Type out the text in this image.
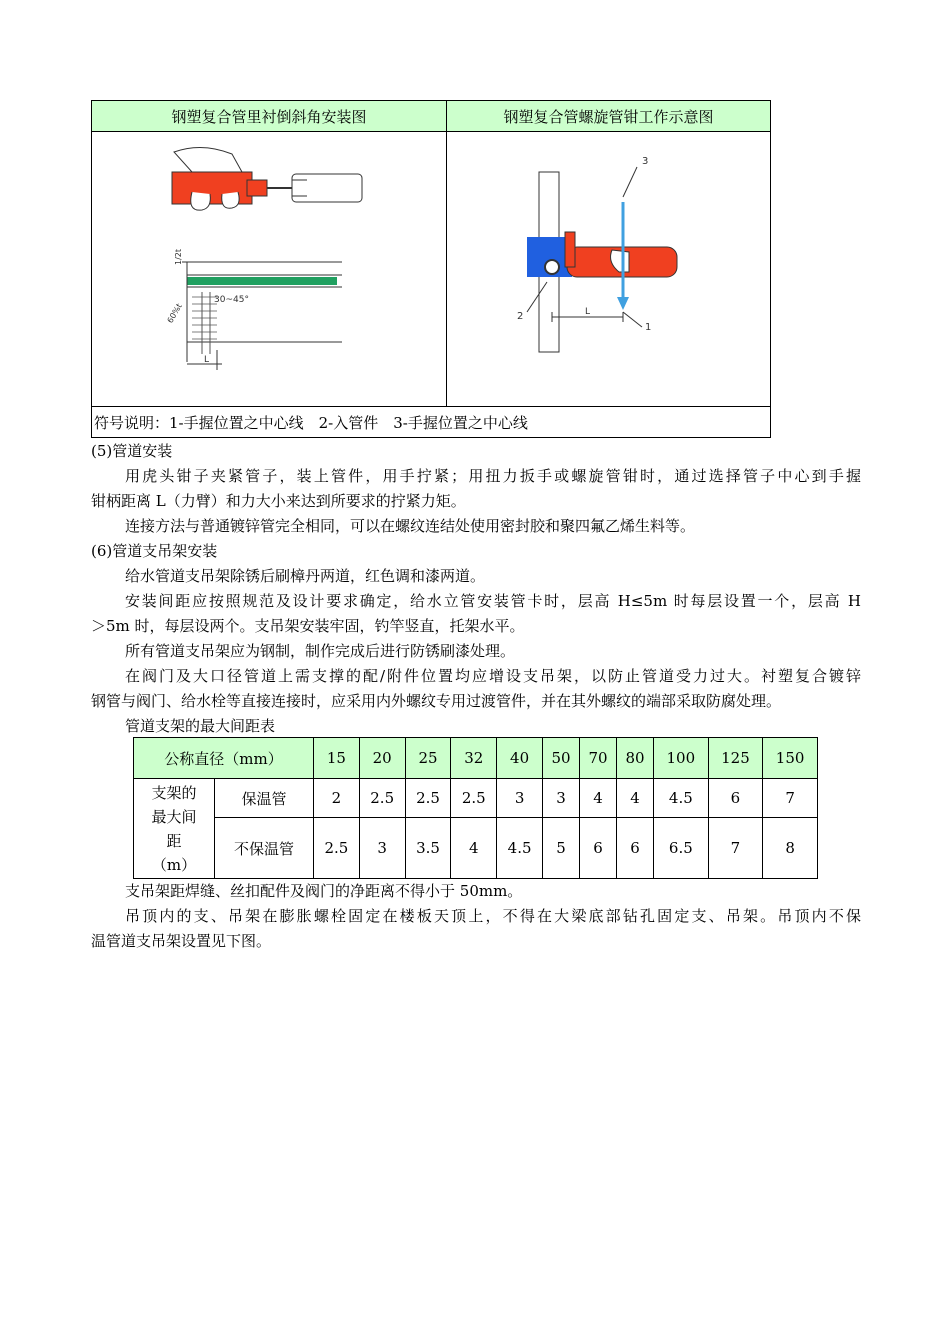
钢塑复合管里衬倒斜角安装图	钢塑复合管螺旋管钳工作示意图

30~45°
L
1/2t
60%t	3
2
1
L

符号说明：1-手握位置之中心线　2-入管件　3-手握位置之中心线	
(5)管道安装
用虎头钳子夹紧管子，装上管件，用手拧紧；用扭力扳手或螺旋管钳时，通过选择管子中心到手握
钳柄距离 L（力臂）和力大小来达到所要求的拧紧力矩。
连接方法与普通镀锌管完全相同，可以在螺纹连结处使用密封胶和聚四氟乙烯生料等。
(6)管道支吊架安装
给水管道支吊架除锈后刷樟丹两道，红色调和漆两道。
安装间距应按照规范及设计要求确定，给水立管安装管卡时，层高 H≤5m 时每层设置一个，层高 H
＞5m 时，每层设两个。支吊架安装牢固，钓竿竖直，托架水平。
所有管道支吊架应为钢制，制作完成后进行防锈刷漆处理。
在阀门及大口径管道上需支撑的配/附件位置均应增设支吊架，以防止管道受力过大。衬塑复合镀锌
钢管与阀门、给水栓等直接连接时，应采用内外螺纹专用过渡管件，并在其外螺纹的端部采取防腐处理。
管道支架的最大间距表
公称直径（mm）		15	20	25	32	40	50	70	80	100	125	150

支架的
最大间
距
（m）	保温管	2	2.5	2.5	2.5	3	3	4	4	4.5	6	7
	不保温管	2.5	3	3.5	4	4.5	5	6	6	6.5	7	8
支吊架距焊缝、丝扣配件及阀门的净距离不得小于 50mm。
吊顶内的支、吊架在膨胀螺栓固定在楼板天顶上，不得在大梁底部钻孔固定支、吊架。吊顶内不保
温管道支吊架设置见下图。
